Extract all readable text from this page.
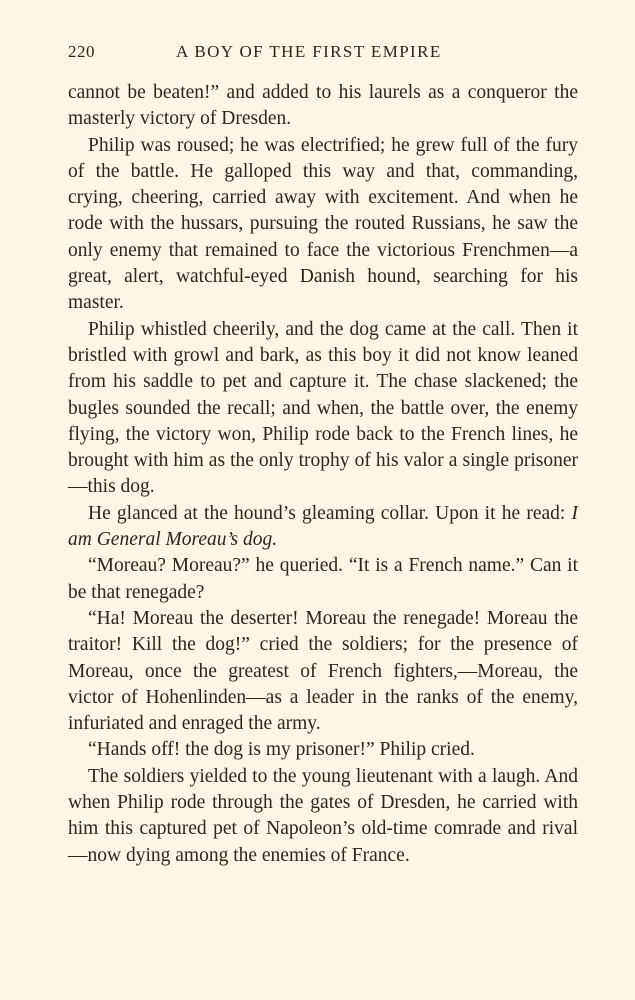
220	A BOY OF THE FIRST EMPIRE

cannot be beaten!” and added to his laurels as a conqueror the masterly victory of Dresden.

Philip was roused; he was electrified; he grew full of the fury of the battle. He galloped this way and that, commanding, crying, cheering, carried away with excitement. And when he rode with the hussars, pursuing the routed Russians, he saw the only enemy that remained to face the victorious Frenchmen—a great, alert, watchful-eyed Danish hound, searching for his master.

Philip whistled cheerily, and the dog came at the call. Then it bristled with growl and bark, as this boy it did not know leaned from his saddle to pet and capture it. The chase slackened; the bugles sounded the recall; and when, the battle over, the enemy flying, the victory won, Philip rode back to the French lines, he brought with him as the only trophy of his valor a single prisoner—this dog.

He glanced at the hound’s gleaming collar. Upon it he read: I am General Moreau’s dog.

“Moreau? Moreau?” he queried. “It is a French name.” Can it be that renegade?

“Ha! Moreau the deserter! Moreau the renegade! Moreau the traitor! Kill the dog!” cried the soldiers; for the presence of Moreau, once the greatest of French fighters,—Moreau, the victor of Hohenlinden—as a leader in the ranks of the enemy, infuriated and enraged the army.

“Hands off! the dog is my prisoner!” Philip cried.

The soldiers yielded to the young lieutenant with a laugh. And when Philip rode through the gates of Dresden, he carried with him this captured pet of Napoleon’s old-time comrade and rival—now dying among the enemies of France.
